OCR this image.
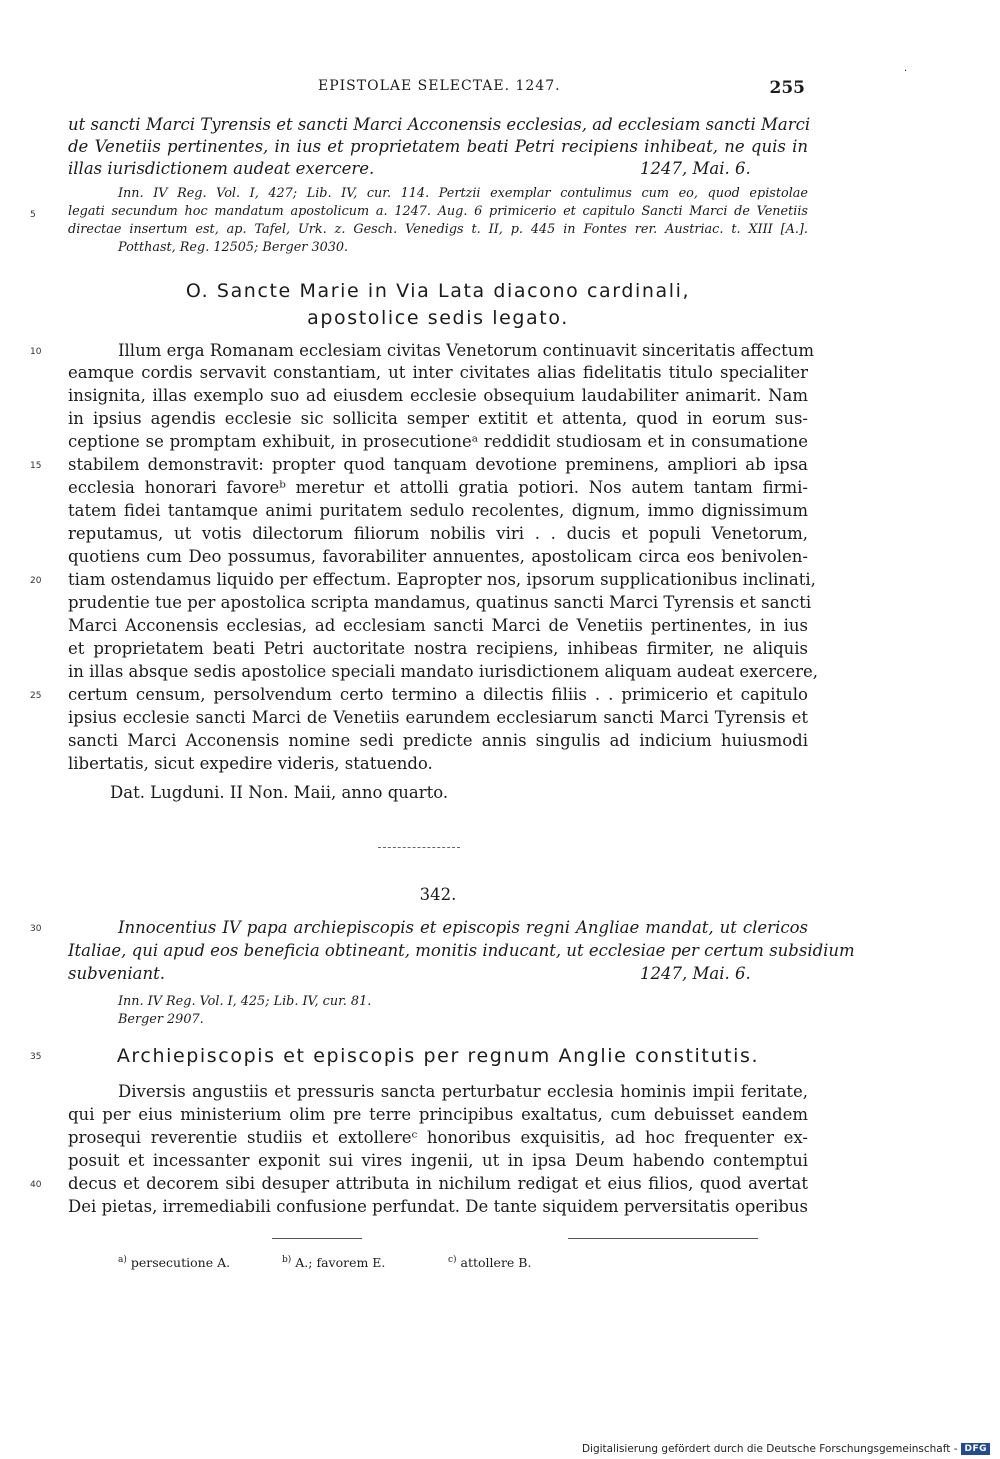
EPISTOLAE SELECTAE. 1247.	255
·
ut sancti Marci Tyrensis et sancti Marci Acconensis ecclesias, ad ecclesiam sancti Marci
de Venetiis pertinentes, in ius et proprietatem beati Petri recipiens inhibeat, ne quis in
illas iurisdictionem audeat exercere.	1247, Mai. 6.
Inn. IV Reg. Vol. I, 427; Lib. IV, cur. 114. Pertzii exemplar contulimus cum eo, quod epistolae
legati secundum hoc mandatum apostolicum a. 1247. Aug. 6 primicerio et capitulo Sancti Marci de Venetiis
directae insertum est, ap. Tafel, Urk. z. Gesch. Venedigs t. II, p. 445 in Fontes rer. Austriac. t. XIII [A.].
Potthast, Reg. 12505; Berger 3030.
O. Sancte Marie in Via Lata diacono cardinali,
apostolice sedis legato.
Illum erga Romanam ecclesiam civitas Venetorum continuavit sinceritatis affectum
eamque cordis servavit constantiam, ut inter civitates alias fidelitatis titulo specialiter
insignita, illas exemplo suo ad eiusdem ecclesie obsequium laudabiliter animarit. Nam
in ipsius agendis ecclesie sic sollicita semper extitit et attenta, quod in eorum sus-
ceptione se promptam exhibuit, in prosecutioneᵃ reddidit studiosam et in consumatione
stabilem demonstravit: propter quod tanquam devotione preminens, ampliori ab ipsa
ecclesia honorari favoreᵇ meretur et attolli gratia potiori. Nos autem tantam firmi-
tatem fidei tantamque animi puritatem sedulo recolentes, dignum, immo dignissimum
reputamus, ut votis dilectorum filiorum nobilis viri . . ducis et populi Venetorum,
quotiens cum Deo possumus, favorabiliter annuentes, apostolicam circa eos benivolen-
tiam ostendamus liquido per effectum. Eapropter nos, ipsorum supplicationibus inclinati,
prudentie tue per apostolica scripta mandamus, quatinus sancti Marci Tyrensis et sancti
Marci Acconensis ecclesias, ad ecclesiam sancti Marci de Venetiis pertinentes, in ius
et proprietatem beati Petri auctoritate nostra recipiens, inhibeas firmiter, ne aliquis
in illas absque sedis apostolice speciali mandato iurisdictionem aliquam audeat exercere,
certum censum, persolvendum certo termino a dilectis filiis . . primicerio et capitulo
ipsius ecclesie sancti Marci de Venetiis earundem ecclesiarum sancti Marci Tyrensis et
sancti Marci Acconensis nomine sedi predicte annis singulis ad indicium huiusmodi
libertatis, sicut expedire videris, statuendo.
Dat. Lugduni. II Non. Maii, anno quarto.
342.
Innocentius IV papa archiepiscopis et episcopis regni Angliae mandat, ut clericos
Italiae, qui apud eos beneficia obtineant, monitis inducant, ut ecclesiae per certum subsidium
subveniant.	1247, Mai. 6.
Inn. IV Reg. Vol. I, 425; Lib. IV, cur. 81.
Berger 2907.
Archiepiscopis et episcopis per regnum Anglie constitutis.
Diversis angustiis et pressuris sancta perturbatur ecclesia hominis impii feritate,
qui per eius ministerium olim pre terre principibus exaltatus, cum debuisset eandem
prosequi reverentie studiis et extollereᶜ honoribus exquisitis, ad hoc frequenter ex-
posuit et incessanter exponit sui vires ingenii, ut in ipsa Deum habendo contemptui
decus et decorem sibi desuper attributa in nichilum redigat et eius filios, quod avertat
Dei pietas, irremediabili confusione perfundat. De tante siquidem perversitatis operibus
5
10
15
20
25
30
35
40
$^{a)}$ persecutione A.	$^{b)}$ A.; favorem E.	$^{c)}$ attollere B.
Digitalisierung gefördert durch die Deutsche Forschungsgemeinschaft - DFG
